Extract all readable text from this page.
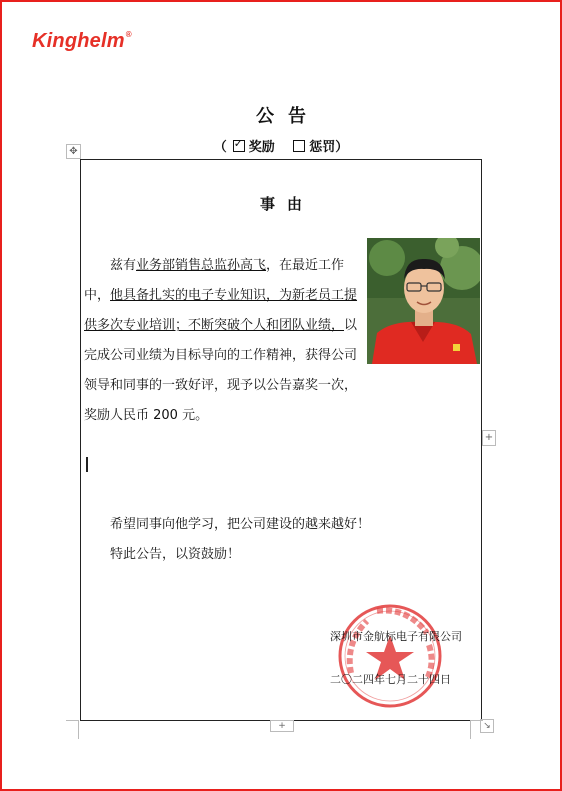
Kinghelm®
公告
（✓ 奖励	惩罚）
✥
事由
兹有业务部销售总监孙高飞，在最近工作
中，他具备扎实的电子专业知识，为新老员工提
供多次专业培训；不断突破个人和团队业绩，以
完成公司业绩为目标导向的工作精神，获得公司
领导和同事的一致好评，现予以公告嘉奖一次，
奖励人民币 200 元。
希望同事向他学习，把公司建设的越来越好！
特此公告，以资鼓励！
深圳市金航标电子有限公司
二〇二四年七月二十四日
+
+	↘
